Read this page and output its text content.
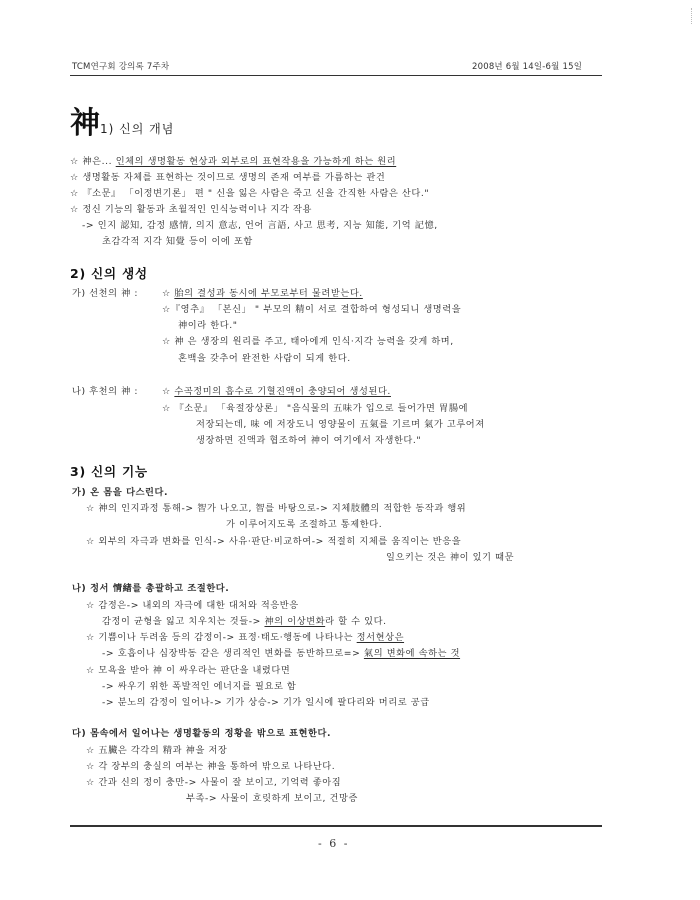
TCM연구회 강의록 7주차	2008년 6월 14일-6월 15일
神1) 신의 개념
☆ 神은... 인체의 생명활동 현상과 외부로의 표현작용을 가능하게 하는 원리
☆ 생명활동 자체를 표현하는 것이므로 생명의 존재 여부를 가름하는 관건
☆ 『소문』 「이정변기론」 편 " 신을 잃은 사람은 죽고 신을 간직한 사람은 산다."
☆ 정신 기능의 활동과 초월적인 인식능력이나 지각 작용
-> 인지 認知, 감정 感情, 의지 意志, 언어 言語, 사고 思考, 지능 知能, 기억 記憶,
초감각적 지각 知覺 등이 이에 포함
2) 신의 생성
가) 선천의 神 :	☆ 胎의 결성과 동시에 부모로부터 물려받는다.
☆『영추』 「본신」 " 부모의 精이 서로 결합하여 형성되니 생명력을
神이라 한다."
☆ 神 은 생장의 원리를 주고, 태아에게 인식·지각 능력을 갖게 하며,
혼백을 갖추어 완전한 사람이 되게 한다.
나) 후천의 神 :	☆ 수곡정미의 흡수로 기혈진액이 충양되어 생성된다.
☆ 『소문』 「육절장상론」 "음식물의 五味가 입으로 들어가면 胃腸에
저장되는데, 味 에 저장도니 영양물이 五氣를 기르며 氣가 고루어져
생장하면 진액과 협조하여 神이 여기에서 자생한다."
3) 신의 기능
가) 온 몸을 다스린다.
☆ 神의 인지과정 통해-> 智가 나오고, 智를 바탕으로-> 지체肢體의 적합한 동작과 행위
가 이루어지도록 조절하고 통제한다.
☆ 외부의 자극과 변화를 인식-> 사유·판단·비교하여-> 적절히 지체를 움직이는 반응을
일으키는 것은 神이 있기 때문
나) 정서 情緖를 총괄하고 조절한다.
☆ 감정은-> 내외의 자극에 대한 대처와 적응반응
감정이 균형을 잃고 치우치는 것들-> 神의 이상변화라 할 수 있다.
☆ 기쁨이나 두려움 등의 감정이-> 표정·태도·행동에 나타나는 정서현상은
-> 호흡이나 심장박동 같은 생리적인 변화를 동반하므로=> 氣의 변화에 속하는 것
☆ 모욕을 받아 神 이 싸우라는 판단을 내렸다면
-> 싸우기 위한 폭발적인 에너지를 필요로 함
-> 분노의 감정이 일어나-> 기가 상승-> 기가 일시에 팔다리와 머리로 공급
다) 몸속에서 일어나는 생명활동의 정황을 밖으로 표현한다.
☆ 五臟은 각각의 精과 神을 저장
☆ 각 장부의 충실의 여부는 神을 통하여 밖으로 나타난다.
☆ 간과 신의 정이 충만-> 사물이 잘 보이고, 기억력 좋아짐
부족-> 사물이 흐릿하게 보이고, 건망증
- 6 -
